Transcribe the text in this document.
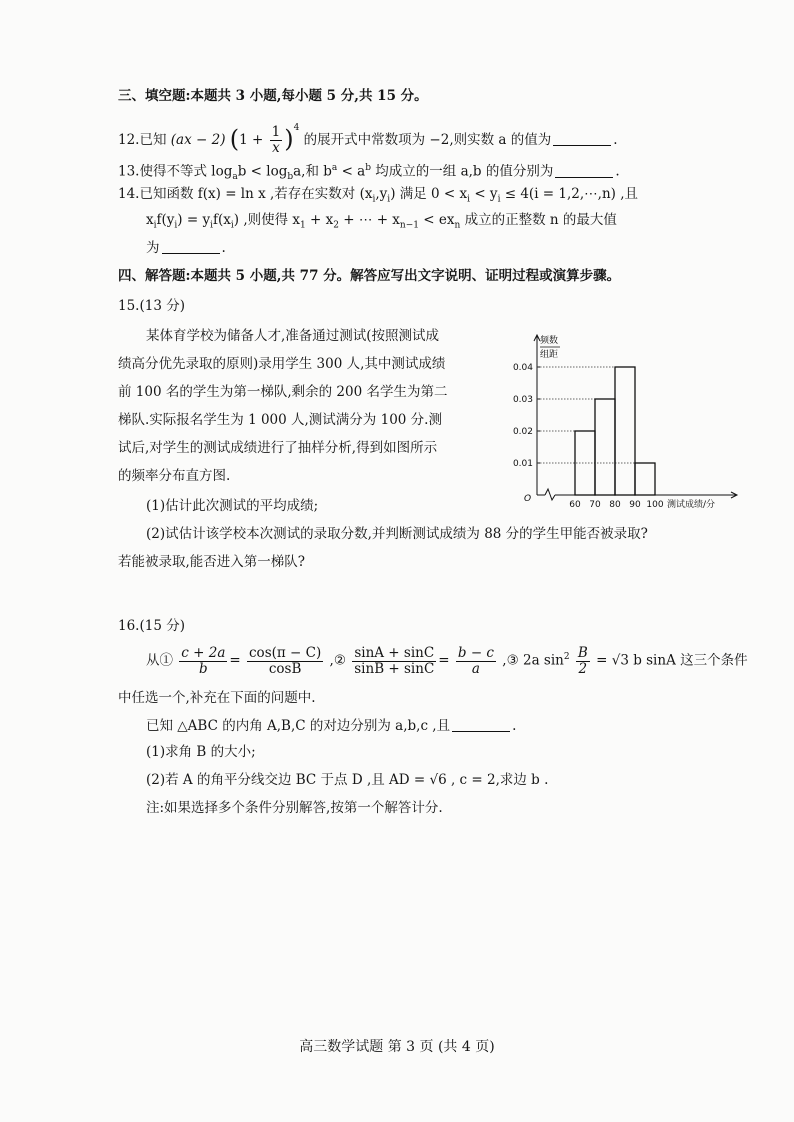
三、填空题:本题共 3 小题,每小题 5 分,共 15 分。
12.已知 (ax − 2) $(1 + \frac{1}{x} )^4$ 的展开式中常数项为 −2,则实数 a 的值为	.
13.使得不等式 $\log_ab < \log_ba$,和 $b^a < a^b$ 均成立的一组 a,b 的值分别为	.
14.已知函数 f(x) = ln x ,若存在实数对 $(x_i,y_i)$ 满足 $0 < x_i < y_i \le 4(i$ = 1,2,⋯,n) ,且
$x_if(y_i) = y_if(x_i)$ ,则使得 $x_1 + x_2$ + ⋯ + $x_{n-1} < ex_n$ 成立的正整数 n 的最大值
为	.
四、解答题:本题共 5 小题,共 77 分。解答应写出文字说明、证明过程或演算步骤。
15.(13 分)
某体育学校为储备人才,准备通过测试(按照测试成
绩高分优先录取的原则)录用学生 300 人,其中测试成绩
前 100 名的学生为第一梯队,剩余的 200 名学生为第二
梯队.实际报名学生为 1 000 人,测试满分为 100 分.测
试后,对学生的测试成绩进行了抽样分析,得到如图所示
的频率分布直方图.
(1)估计此次测试的平均成绩;
(2)试估计该学校本次测试的录取分数,并判断测试成绩为 88 分的学生甲能否被录取?
若能被录取,能否进入第一梯队?
频数
组距
O
测试成绩/分
0.01
0.02
0.03
0.04
60 70 80 90 100
16.(15 分)
从① $\frac{c + 2a}{b} = \frac{\cos(\pi - C)}{\cos B}$ ,② $\frac{\sin A + \sin C}{\sin B + \sin C} = \frac{b - c}{a}$ ,③ 2a $\sin^2 \frac{B}{2} = √3$ b sinA 这三个条件
中任选一个,补充在下面的问题中.
已知 △ABC 的内角 A,B,C 的对边分别为 a,b,c ,且	.
(1)求角 B 的大小;
(2)若 A 的角平分线交边 BC 于点 D ,且 AD = √6 , c = 2,求边 b .
注:如果选择多个条件分别解答,按第一个解答计分.
高三数学试题 第 3 页 (共 4 页)
